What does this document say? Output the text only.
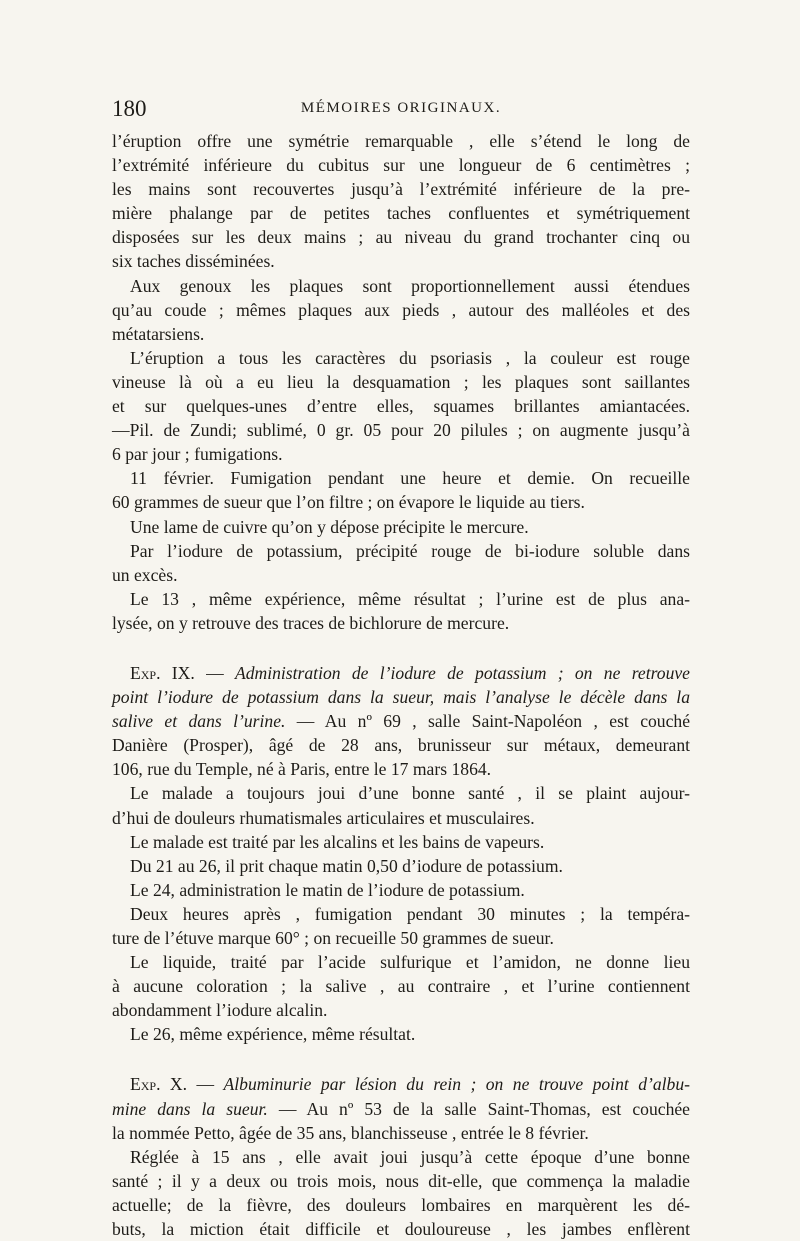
180	MÉMOIRES ORIGINAUX.
l’éruption offre une symétrie remarquable , elle s’étend le long de
l’extrémité inférieure du cubitus sur une longueur de 6 centimètres ;
les mains sont recouvertes jusqu’à l’extrémité inférieure de la pre-
mière phalange par de petites taches confluentes et symétriquement
disposées sur les deux mains ; au niveau du grand trochanter cinq ou
six taches disséminées.
Aux genoux les plaques sont proportionnellement aussi étendues
qu’au coude ; mêmes plaques aux pieds , autour des malléoles et des
métatarsiens.
L’éruption a tous les caractères du psoriasis , la couleur est rouge
vineuse là où a eu lieu la desquamation ; les plaques sont saillantes
et sur quelques-unes d’entre elles, squames brillantes amiantacées.
—Pil. de Zundi; sublimé, 0 gr. 05 pour 20 pilules ; on augmente jusqu’à
6 par jour ; fumigations.
11 février. Fumigation pendant une heure et demie. On recueille
60 grammes de sueur que l’on filtre ; on évapore le liquide au tiers.
Une lame de cuivre qu’on y dépose précipite le mercure.
Par l’iodure de potassium, précipité rouge de bi-iodure soluble dans
un excès.
Le 13 , même expérience, même résultat ; l’urine est de plus ana-
lysée, on y retrouve des traces de bichlorure de mercure.
Exp. IX. — Administration de l’iodure de potassium ; on ne retrouve
point l’iodure de potassium dans la sueur, mais l’analyse le décèle dans la
salive et dans l’urine. — Au nº 69 , salle Saint-Napoléon , est couché
Danière (Prosper), âgé de 28 ans, brunisseur sur métaux, demeurant
106, rue du Temple, né à Paris, entre le 17 mars 1864.
Le malade a toujours joui d’une bonne santé , il se plaint aujour-
d’hui de douleurs rhumatismales articulaires et musculaires.
Le malade est traité par les alcalins et les bains de vapeurs.
Du 21 au 26, il prit chaque matin 0,50 d’iodure de potassium.
Le 24, administration le matin de l’iodure de potassium.
Deux heures après , fumigation pendant 30 minutes ; la tempéra-
ture de l’étuve marque 60° ; on recueille 50 grammes de sueur.
Le liquide, traité par l’acide sulfurique et l’amidon, ne donne lieu
à aucune coloration ; la salive , au contraire , et l’urine contiennent
abondamment l’iodure alcalin.
Le 26, même expérience, même résultat.
Exp. X. — Albuminurie par lésion du rein ; on ne trouve point d’albu-
mine dans la sueur. — Au nº 53 de la salle Saint-Thomas, est couchée
la nommée Petto, âgée de 35 ans, blanchisseuse , entrée le 8 février.
Réglée à 15 ans , elle avait joui jusqu’à cette époque d’une bonne
santé ; il y a deux ou trois mois, nous dit-elle, que commença la maladie
actuelle; de la fièvre, des douleurs lombaires en marquèrent les dé-
buts, la miction était difficile et douloureuse , les jambes enflèrent
